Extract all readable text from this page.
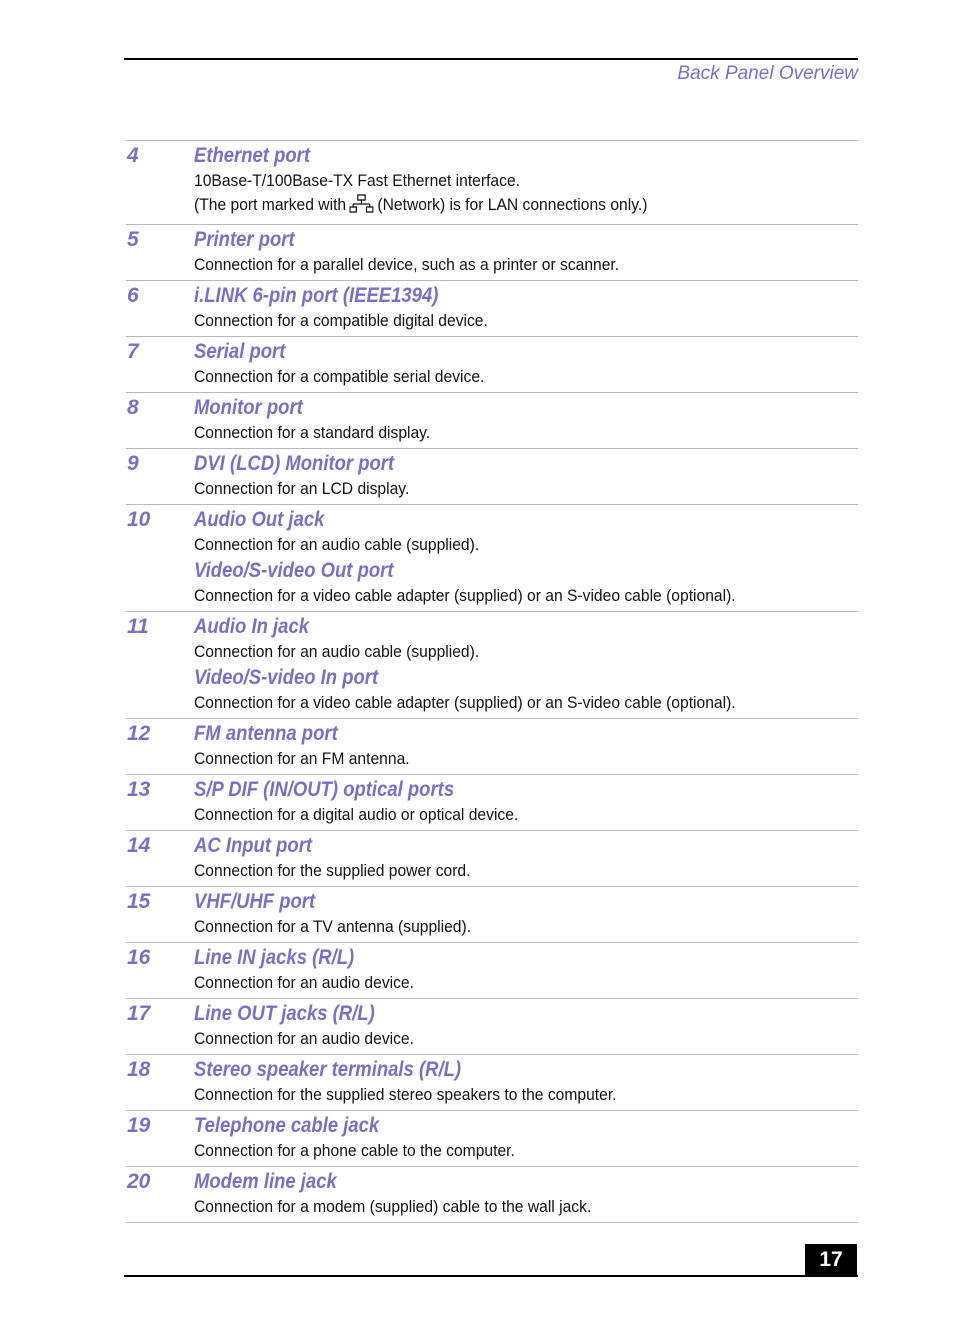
Back Panel Overview
4	Ethernet port
10Base-T/100Base-TX Fast Ethernet interface.
(The port marked with (Network) is for LAN connections only.)
5	Printer port
Connection for a parallel device, such as a printer or scanner.
6	i.LINK 6-pin port (IEEE1394)
Connection for a compatible digital device.
7	Serial port
Connection for a compatible serial device.
8	Monitor port
Connection for a standard display.
9	DVI (LCD) Monitor port
Connection for an LCD display.
10 Audio Out jack
Connection for an audio cable (supplied).
Video/S-video Out port
Connection for a video cable adapter (supplied) or an S-video cable (optional).
11 Audio In jack
Connection for an audio cable (supplied).
Video/S-video In port
Connection for a video cable adapter (supplied) or an S-video cable (optional).
12 FM antenna port
Connection for an FM antenna.
13 S/P DIF (IN/OUT) optical ports
Connection for a digital audio or optical device.
14 AC Input port
Connection for the supplied power cord.
15 VHF/UHF port
Connection for a TV antenna (supplied).
16 Line IN jacks (R/L)
Connection for an audio device.
17 Line OUT jacks (R/L)
Connection for an audio device.
18 Stereo speaker terminals (R/L)
Connection for the supplied stereo speakers to the computer.
19 Telephone cable jack
Connection for a phone cable to the computer.
20 Modem line jack
Connection for a modem (supplied) cable to the wall jack.
17
